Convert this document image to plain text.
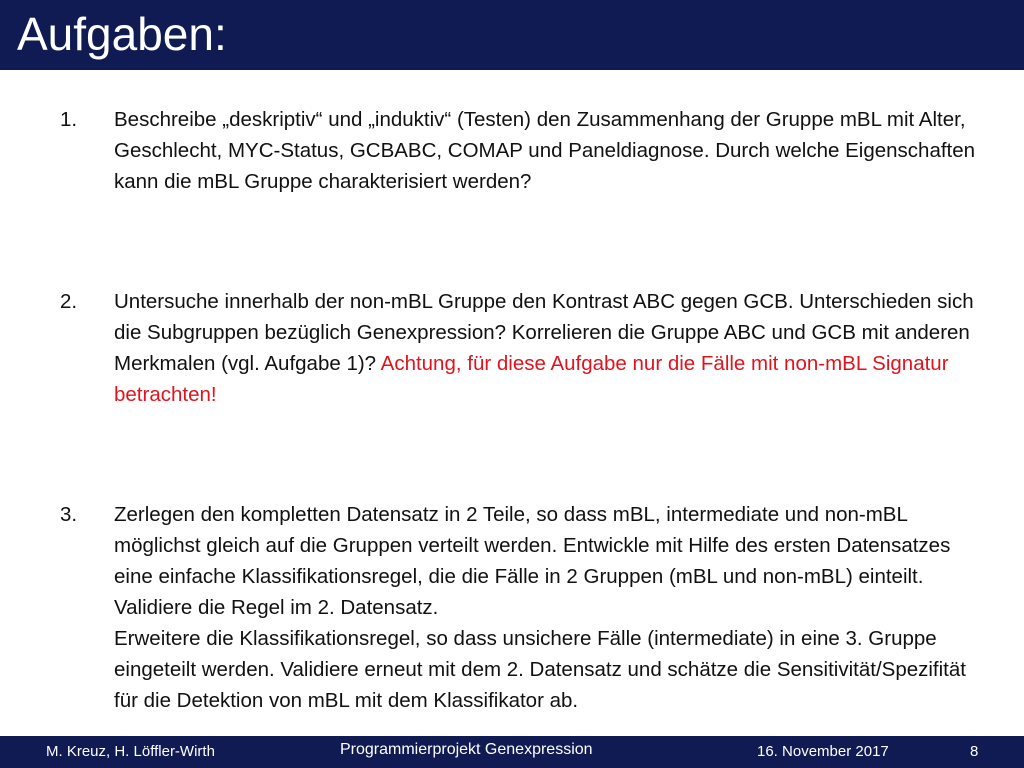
Aufgaben:
1. Beschreibe „deskriptiv“ und „induktiv“ (Testen) den Zusammenhang der Gruppe mBL mit Alter, Geschlecht, MYC-Status, GCBABC, COMAP und Paneldiagnose. Durch welche Eigenschaften kann die mBL Gruppe charakterisiert werden?
2. Untersuche innerhalb der non-mBL Gruppe den Kontrast ABC gegen GCB. Unterschieden sich die Subgruppen bezüglich Genexpression? Korrelieren die Gruppe ABC und GCB mit anderen Merkmalen (vgl. Aufgabe 1)? Achtung, für diese Aufgabe nur die Fälle mit non-mBL Signatur betrachten!
3. Zerlegen den kompletten Datensatz in 2 Teile, so dass mBL, intermediate und non-mBL möglichst gleich auf die Gruppen verteilt werden. Entwickle mit Hilfe des ersten Datensatzes eine einfache Klassifikationsregel, die die Fälle in 2 Gruppen (mBL und non-mBL) einteilt. Validiere die Regel im 2. Datensatz.
Erweitere die Klassifikationsregel, so dass unsichere Fälle (intermediate) in eine 3. Gruppe eingeteilt werden. Validiere erneut mit dem 2. Datensatz und schätze die Sensitivität/Spezifität für die Detektion von mBL mit dem Klassifikator ab.
M. Kreuz, H. Löffler-Wirth	Programmierprojekt Genexpression	16. November 2017	8
